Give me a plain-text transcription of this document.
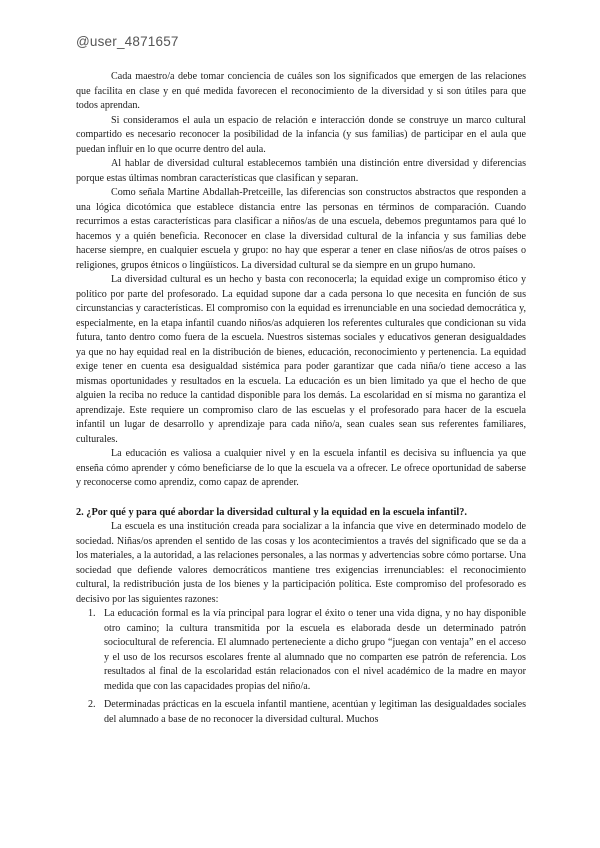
@user_4871657

Cada maestro/a debe tomar conciencia de cuáles son los significados que emergen de las relaciones que facilita en clase y en qué medida favorecen el reconocimiento de la diversidad y si son útiles para que todos aprendan.

Si consideramos el aula un espacio de relación e interacción donde se construye un marco cultural compartido es necesario reconocer la posibilidad de la infancia (y sus familias) de participar en el aula que puedan influir en lo que ocurre dentro del aula.

Al hablar de diversidad cultural establecemos también una distinción entre diversidad y diferencias porque estas últimas nombran características que clasifican y separan.

Como señala Martine Abdallah-Pretceille, las diferencias son constructos abstractos que responden a una lógica dicotómica que establece distancia entre las personas en términos de comparación. Cuando recurrimos a estas características para clasificar a niños/as de una escuela, debemos preguntamos para qué lo hacemos y a quién beneficia. Reconocer en clase la diversidad cultural de la infancia y sus familias debe hacerse siempre, en cualquier escuela y grupo: no hay que esperar a tener en clase niños/as de otros países o religiones, grupos étnicos o lingüísticos. La diversidad cultural se da siempre en un grupo humano.

La diversidad cultural es un hecho y basta con reconocerla; la equidad exige un compromiso ético y político por parte del profesorado. La equidad supone dar a cada persona lo que necesita en función de sus circunstancias y características. El compromiso con la equidad es irrenunciable en una sociedad democrática y, especialmente, en la etapa infantil cuando niños/as adquieren los referentes culturales que condicionan su vida futura, tanto dentro como fuera de la escuela. Nuestros sistemas sociales y educativos generan desigualdades ya que no hay equidad real en la distribución de bienes, educación, reconocimiento y pertenencia. La equidad exige tener en cuenta esa desigualdad sistémica para poder garantizar que cada niña/o tiene acceso a las mismas oportunidades y resultados en la escuela. La educación es un bien limitado ya que el hecho de que alguien la reciba no reduce la cantidad disponible para los demás. La escolaridad en sí misma no garantiza el aprendizaje. Este requiere un compromiso claro de las escuelas y el profesorado para hacer de la escuela infantil un lugar de desarrollo y aprendizaje para cada niño/a, sean cuales sean sus referentes familiares, culturales.

La educación es valiosa a cualquier nivel y en la escuela infantil es decisiva su influencia ya que enseña cómo aprender y cómo beneficiarse de lo que la escuela va a ofrecer. Le ofrece oportunidad de saberse y reconocerse como aprendiz, como capaz de aprender.

2. ¿Por qué y para qué abordar la diversidad cultural y la equidad en la escuela infantil?.

La escuela es una institución creada para socializar a la infancia que vive en determinado modelo de sociedad. Niñas/os aprenden el sentido de las cosas y los acontecimientos a través del significado que se da a los materiales, a la autoridad, a las relaciones personales, a las normas y advertencias sobre cómo portarse. Una sociedad que defiende valores democráticos mantiene tres exigencias irrenunciables: el reconocimiento cultural, la redistribución justa de los bienes y la participación política. Este compromiso del profesorado es decisivo por las siguientes razones:

1. La educación formal es la vía principal para lograr el éxito o tener una vida digna, y no hay disponible otro camino; la cultura transmitida por la escuela es elaborada desde un determinado patrón sociocultural de referencia. El alumnado perteneciente a dicho grupo “juegan con ventaja” en el acceso y el uso de los recursos escolares frente al alumnado que no comparten ese patrón de referencia. Los resultados al final de la escolaridad están relacionados con el nivel académico de la madre en mayor medida que con las capacidades propias del niño/a.
2. Determinadas prácticas en la escuela infantil mantiene, acentúan y legitiman las desigualdades sociales del alumnado a base de no reconocer la diversidad cultural. Muchos
